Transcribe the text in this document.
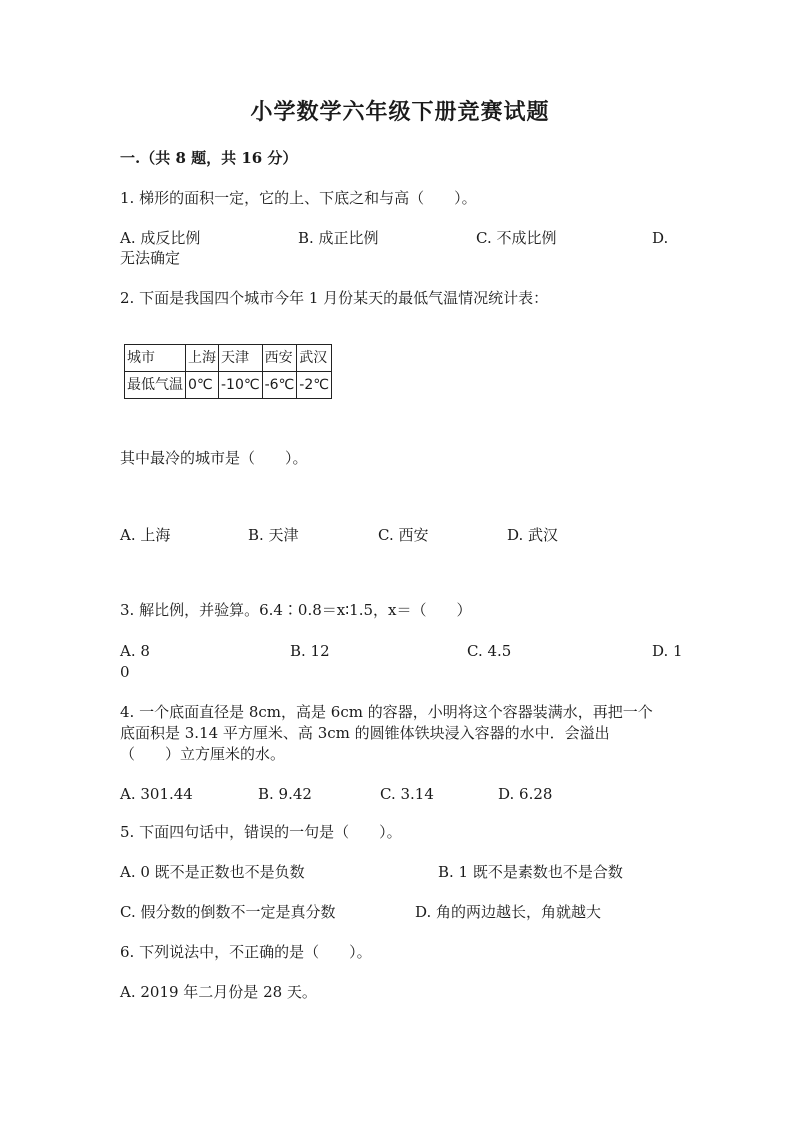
小学数学六年级下册竞赛试题
一.（共 8 题，共 16 分）
1. 梯形的面积一定，它的上、下底之和与高（　　）。
A. 成反比例	B. 成正比例	C. 不成比例	D.
无法确定
2. 下面是我国四个城市今年 1 月份某天的最低气温情况统计表：
城市	上海	天津	西安	武汉
最低气温	0℃	-10℃	-6℃	-2℃
其中最冷的城市是（　　）。
A. 上海	B. 天津	C. 西安	D. 武汉
3. 解比例，并验算。6.4∶0.8＝x∶1.5，x＝（　　）
A. 8	B. 12	C. 4.5	D. 1
0
4. 一个底面直径是 8cm，高是 6cm 的容器，小明将这个容器装满水，再把一个
底面积是 3.14 平方厘米、高 3cm 的圆锥体铁块浸入容器的水中．会溢出
（　　）立方厘米的水。
A. 301.44	B. 9.42	C. 3.14	D. 6.28
5. 下面四句话中，错误的一句是（　　）。
A. 0 既不是正数也不是负数	B. 1 既不是素数也不是合数
C. 假分数的倒数不一定是真分数	D. 角的两边越长，角就越大
6. 下列说法中，不正确的是（　　）。
A. 2019 年二月份是 28 天。
